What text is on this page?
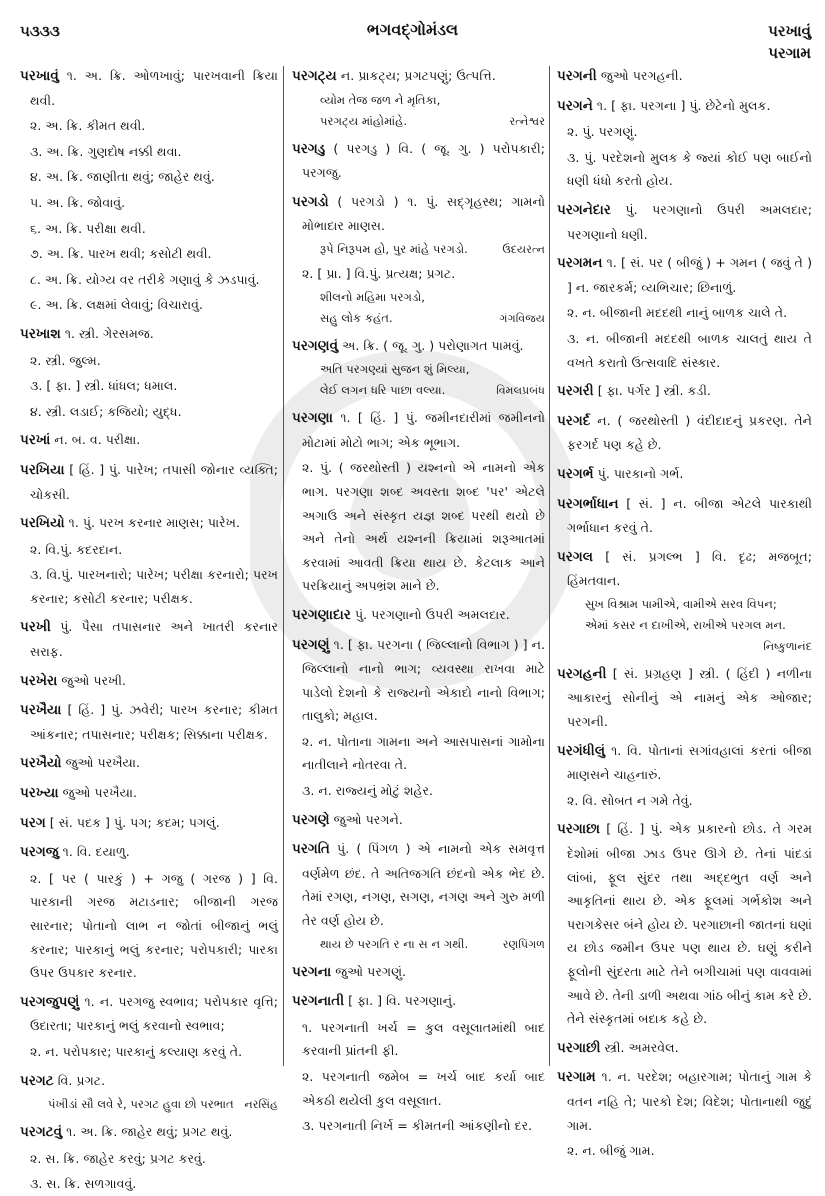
૫૩૩૩	ભગવદ્ગોમંડલ	પરખાવું
પરગામ
પરખાવું ૧. અ. ક્રિ. ઓળખાવું; પારખવાની ક્રિયા થવી.
૨. અ. ક્રિ. કીમત થવી.
૩. અ. ક્રિ. ગુણદોષ નક્કી થવા.
૪. અ. ક્રિ. જાણીતા થવું; જાહેર થવું.
૫. અ. ક્રિ. જોવાવું.
૬. અ. ક્રિ. પરીક્ષા થવી.
૭. અ. ક્રિ. પારખ થવી; કસોટી થવી.
૮. અ. ક્રિ. યોગ્ય વર તરીકે ગણાવું કે ઝડપાવું.
૯. અ. ક્રિ. લક્ષમાં લેવાવું; વિચારાવું.
પરખાશ ૧. સ્ત્રી. ગેરસમજ.
૨. સ્ત્રી. જુલ્મ.
૩. [ ફા. ] સ્ત્રી. ધાંધલ; ધમાલ.
૪. સ્ત્રી. લડાઈ; કજિયો; યુદ્ધ.
પરખાં ન. બ. વ. પરીક્ષા.
પરખિયા [ હિં. ] પું. પારેખ; તપાસી જોનાર વ્યક્તિ; ચોકસી.
પરખિયો ૧. પું. પરખ કરનાર માણસ; પારેખ.
૨. વિ.પું. કદરદાન.
૩. વિ.પું. પારખનારો; પારેખ; પરીક્ષા કરનારો; પરખ કરનાર; કસોટી કરનાર; પરીક્ષક.
પરખી પું. પૈસા તપાસનાર અને ખાતરી કરનાર સરાફ.
પરખેરા જુઓ પરખી.
પરખૈયા [ હિં. ] પું. ઝવેરી; પારખ કરનાર; કીમત આંકનાર; તપાસનાર; પરીક્ષક; સિક્કાના પરીક્ષક.
પરખૈયો જુઓ પરખૈયા.
પરખ્યા જુઓ પરખૈયા.
પરગ [ સં. પદક ] પું. પગ; કદમ; પગલું.
પરગજુ ૧. વિ. દયાળુ.
૨. [ પર ( પારકું ) + ગજુ ( ગરજ ) ] વિ. પારકાની ગરજ મટાડનાર; બીજાની ગરજ સારનાર; પોતાનો લાભ ન જોતાં બીજાનું ભલું કરનાર; પારકાનું ભલું કરનાર; પરોપકારી; પારકા ઉપર ઉપકાર કરનાર.
પરગજુપણું ૧. ન. પરગજુ સ્વભાવ; પરોપકાર વૃત્તિ; ઉદારતા; પારકાનું ભલું કરવાનો સ્વભાવ;
૨. ન. પરોપકાર; પારકાનું કલ્યાણ કરવું તે.
પરગટ વિ. પ્રગટ.
પંખીડાં સૌ લવે રે, પરગટ હુવા છો પરભાત નરસિંહ
પરગટવું ૧. અ. ક્રિ. જાહેર થવું; પ્રગટ થવું.
૨. સ. ક્રિ. જાહેર કરવું; પ્રગટ કરવું.
૩. સ. ક્રિ. સળગાવવું.
પરગટ્ય ન. પ્રાકટ્ય; પ્રગટપણું; ઉત્પત્તિ.
વ્યોમ તેજ જળ ને મૃતિકા,
પરગટ્ય માંહોમાંહે.	રત્નેશ્વર
પરગડુ ( પરગડુ ) વિ. ( જૂ. ગુ. ) પરોપકારી; પરગજુ.
પરગડો ( પરગડો ) ૧. પું. સદ્‌ગૃહસ્થ; ગામનો મોભાદાર માણસ.
રૂપે નિરૂપમ હો, પુર માંહે પરગડો.	ઉદયરત્ન
૨. [ પ્રા. ] વિ.પું. પ્રત્યક્ષ; પ્રગટ.
શીલનો મહિમા પરગડો,
સહુ લોક કહંત.	ગંગવિજય
પરગણવું અ. ક્રિ. ( જૂ. ગુ. ) પરોણાગત પામવું.
અતિ પરગણ્યાં સુજન શું મિલ્યા,
લેઈ લગન ધરિ પાછા વલ્યા.	વિમલપ્રબંધ
પરગણા ૧. [ હિં. ] પું. જમીનદારીમાં જમીનનો મોટામાં મોટો ભાગ; એક ભૂભાગ.
૨. પું. ( જરથોસ્તી ) યશ્નનો એ નામનો એક ભાગ. પરગણા શબ્દ અવસ્તા શબ્દ 'પર' એટલે અગાઉ અને સંસ્કૃત યજ્ઞ શબ્દ પરથી થયો છે અને તેનો અર્થ યશ્નની ક્રિયામાં શરૂઆતમાં કરવામાં આવતી ક્રિયા થાય છે. કેટલાક આને પરક્રિયાનું અપભ્રંશ માને છે.
પરગણાદાર પું. પરગણાનો ઉપરી અમલદાર.
પરગણું ૧. [ ફા. પરગના ( જિલ્લાનો વિભાગ ) ] ન. જિલ્લાનો નાનો ભાગ; વ્યવસ્થા રાખવા માટે પાડેલો દેશનો કે રાજ્યનો એકાદો નાનો વિભાગ; તાલુકો; મહાલ.
૨. ન. પોતાના ગામના અને આસપાસનાં ગામોના નાતીલાને નોતરવા તે.
૩. ન. રાજ્યનું મોટું શહેર.
પરગણે જુઓ પરગને.
પરગતિ પું. ( પિંગળ ) એ નામનો એક સમવૃત્ત વર્ણમેળ છંદ. તે અતિજગતિ છંદનો એક ભેદ છે. તેમાં રગણ, નગણ, સગણ, નગણ અને ગુરુ મળી તેર વર્ણ હોય છે.
થાય છે પરગતિ ર ના સ ન ગથી.	રણપિંગળ
પરગના જુઓ પરગણું.
પરગનાતી [ ફા. ] વિ. પરગણાનું.
૧. પરગનાતી ખર્ચ = કુલ વસૂલાતમાંથી બાદ કરવાની પ્રાંતની ફી.
૨. પરગનાતી જમેબ = ખર્ચ બાદ કર્યા બાદ એકઠી થયેલી કુલ વસૂલાત.
૩. પરગનાતી નિર્ખ = કીમતની આંકણીનો દર.
પરગની જુઓ પરગહની.
પરગને ૧. [ ફા. પરગના ] પું. છેટેનો મુલક.
૨. પું. પરગણું.
૩. પું. પરદેશનો મુલક કે જ્યાં કોઈ પણ બાઈનો ધણી ધંધો કરતો હોય.
પરગનેદાર પું. પરગણાનો ઉપરી અમલદાર; પરગણાનો ધણી.
પરગમન ૧. [ સં. પર ( બીજું ) + ગમન ( જવું તે ) ] ન. જારકર્મ; વ્યભિચાર; છિનાળું.
૨. ન. બીજાની મદદથી નાનું બાળક ચાલે તે.
૩. ન. બીજાની મદદથી બાળક ચાલતું થાય તે વખતે કરાતો ઉત્સવાદિ સંસ્કાર.
પરગરી [ ફા. પર્ગર ] સ્ત્રી. કડી.
પરગર્દ ન. ( જરથોસ્તી ) વંદીદાદનું પ્રકરણ. તેને ફરગર્દ પણ કહે છે.
પરગર્ભ પું. પારકાનો ગર્ભ.
પરગર્ભાધાન [ સં. ] ન. બીજા એટલે પારકાથી ગર્ભાધાન કરવું તે.
પરગલ [ સં. પ્રગલ્ભ ] વિ. દૃઢ; મજબૂત; હિંમતવાન.
સુખ વિશ્રામ પામીએ, વામીએ સરવ વિપન;
એમાં કસર ન દાખીએ, રાખીએ પરગલ મન.
નિષ્કુળાનંદ
પરગહની [ સં. પ્રગ્રહણ ] સ્ત્રી. ( હિંદી ) નળીના આકારનું સોનીનું એ નામનું એક ઓજાર; પરગની.
પરગંધીલું ૧. વિ. પોતાનાં સગાંવહાલાં કરતાં બીજા માણસને ચાહનારું.
૨. વિ. સોબત ન ગમે તેવું.
પરગાછા [ હિં. ] પું. એક પ્રકારનો છોડ. તે ગરમ દેશોમાં બીજા ઝાડ ઉપર ઊગે છે. તેનાં પાંદડાં લાંબાં, ફૂલ સુંદર તથા અદ્દભુત વર્ણ અને આકૃતિનાં થાય છે. એક ફૂલમાં ગર્ભકોશ અને પરાગકેસર બંને હોય છે. પરગાછાની જાતનાં ઘણાં ય છોડ જમીન ઉપર પણ થાય છે. ઘણું કરીને ફૂલોની સુંદરતા માટે તેને બગીચામાં પણ વાવવામાં આવે છે. તેની ડાળી અથવા ગાંઠ બીનું કામ કરે છે. તેને સંસ્કૃતમાં બદાક કહે છે.
પરગાછી સ્ત્રી. અમરવેલ.
પરગામ ૧. ન. પરદેશ; બહારગામ; પોતાનું ગામ કે વતન નહિ તે; પારકો દેશ; વિદેશ; પોતાનાથી જુદું ગામ.
૨. ન. બીજું ગામ.
